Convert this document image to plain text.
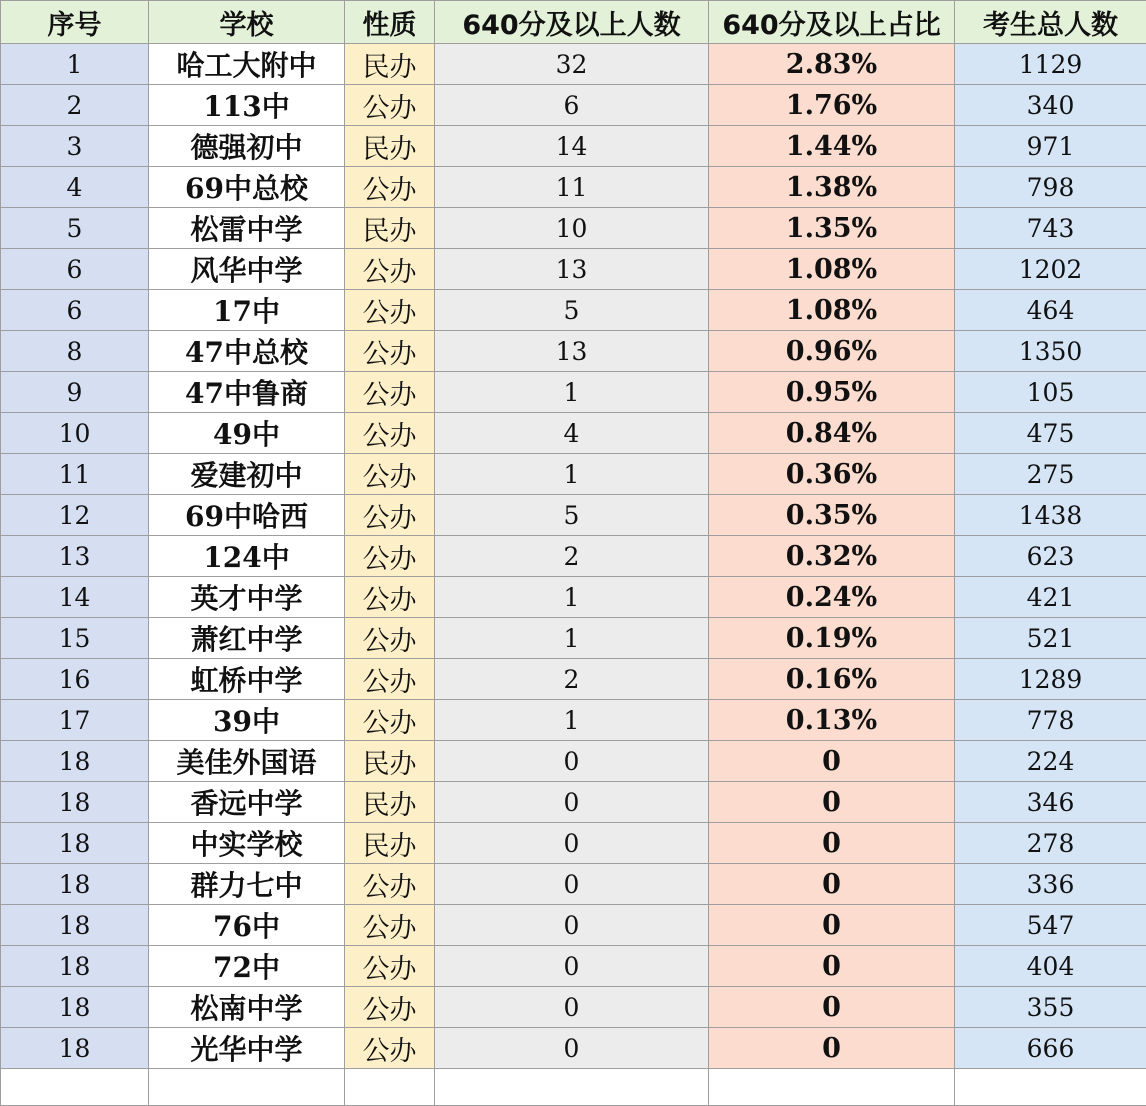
序号	学校	性质	640分及以上人数	640分及以上占比	考生总人数
1	哈工大附中	民办	32	2.83%	1129
2	113中	公办	6	1.76%	340
3	德强初中	民办	14	1.44%	971
4	69中总校	公办	11	1.38%	798
5	松雷中学	民办	10	1.35%	743
6	风华中学	公办	13	1.08%	1202
6	17中	公办	5	1.08%	464
8	47中总校	公办	13	0.96%	1350
9	47中鲁商	公办	1	0.95%	105
10	49中	公办	4	0.84%	475
11	爱建初中	公办	1	0.36%	275
12	69中哈西	公办	5	0.35%	1438
13	124中	公办	2	0.32%	623
14	英才中学	公办	1	0.24%	421
15	萧红中学	公办	1	0.19%	521
16	虹桥中学	公办	2	0.16%	1289
17	39中	公办	1	0.13%	778
18	美佳外国语	民办	0	0	224
18	香远中学	民办	0	0	346
18	中实学校	民办	0	0	278
18	群力七中	公办	0	0	336
18	76中	公办	0	0	547
18	72中	公办	0	0	404
18	松南中学	公办	0	0	355
18	光华中学	公办	0	0	666
